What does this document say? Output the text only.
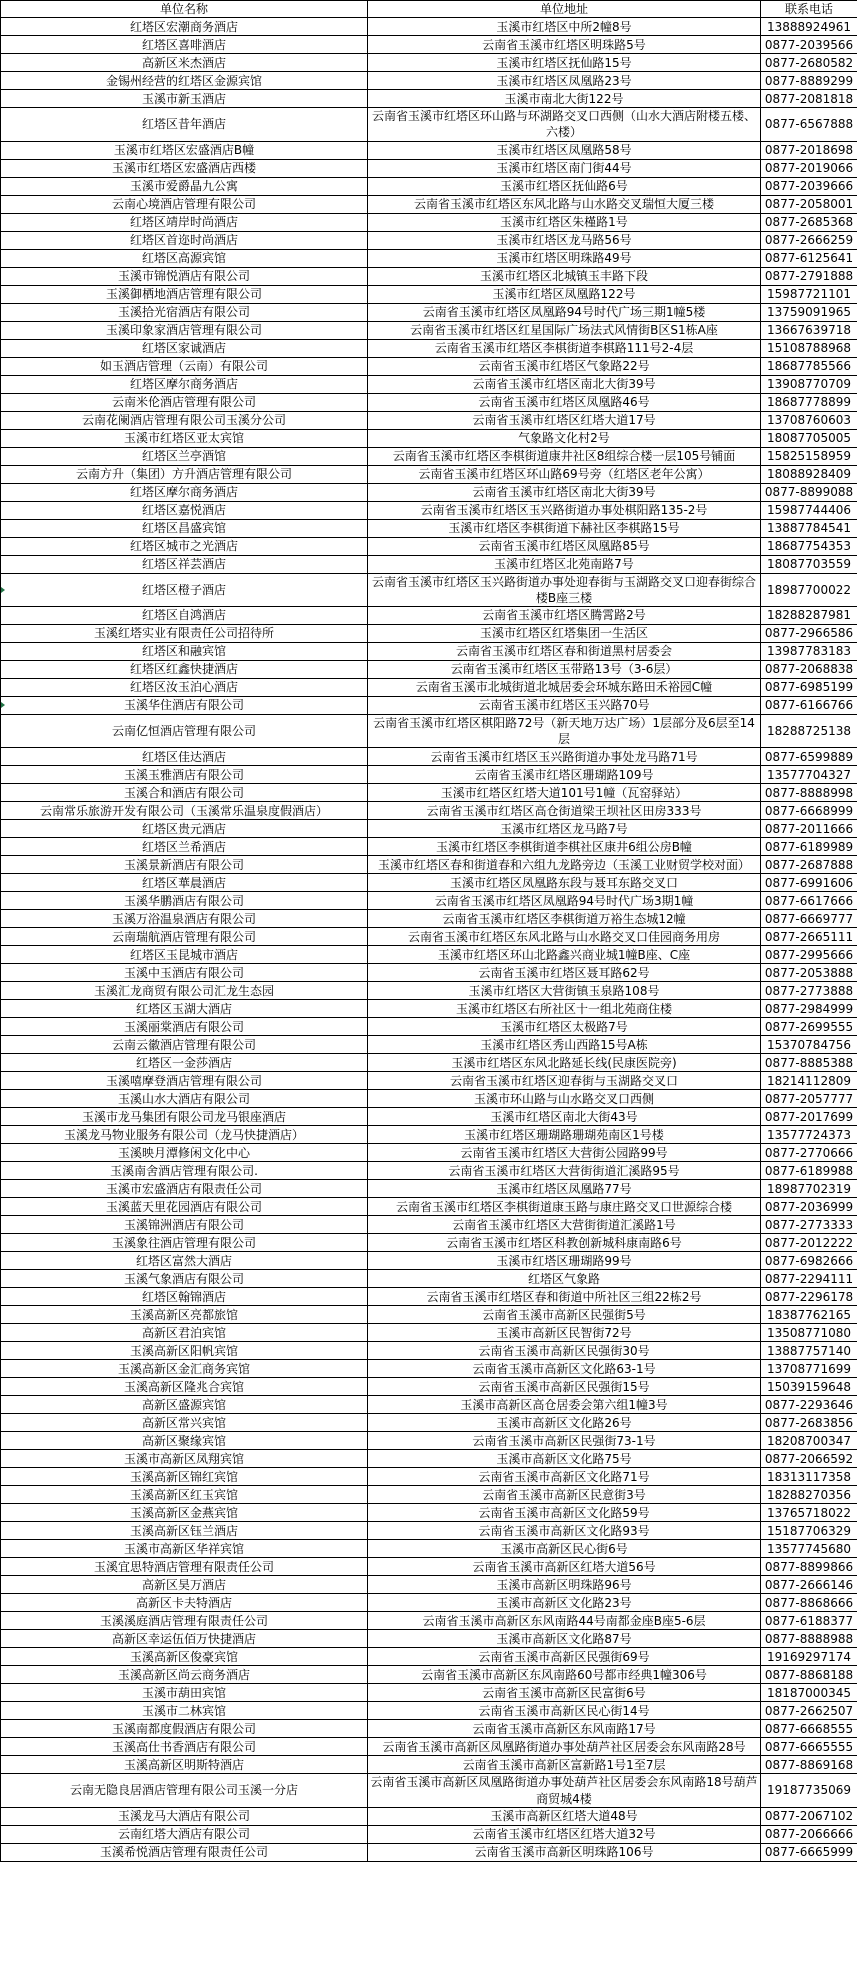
单位名称	单位地址	联系电话
红塔区宏潮商务酒店	玉溪市红塔区中所2幢8号	13888924961
红塔区喜啡酒店	云南省玉溪市红塔区明珠路5号	0877-2039566
高新区米杰酒店	玉溪市红塔区抚仙路15号	0877-2680582
金锡州经营的红塔区金源宾馆	玉溪市红塔区凤凰路23号	0877-8889299
玉溪市新玉酒店	玉溪市南北大街122号	0877-2081818
红塔区昔年酒店	云南省玉溪市红塔区环山路与环湖路交叉口西侧（山水大酒店附楼五楼、六楼）	0877-6567888
玉溪市红塔区宏盛酒店B幢	玉溪市红塔区凤凰路58号	0877-2018698
玉溪市红塔区宏盛酒店西楼	玉溪市红塔区南门街44号	0877-2019066
玉溪市爱爵晶九公寓	玉溪市红塔区抚仙路6号	0877-2039666
云南心境酒店管理有限公司	云南省玉溪市红塔区东风北路与山水路交叉瑞恒大厦三楼	0877-2058001
红塔区靖岸时尚酒店	玉溪市红塔区朱槿路1号	0877-2685368
红塔区首迩时尚酒店	玉溪市红塔区龙马路56号	0877-2666259
红塔区高源宾馆	玉溪市红塔区明珠路49号	0877-6125641
玉溪市锦悦酒店有限公司	玉溪市红塔区北城镇玉丰路下段	0877-2791888
玉溪御栖地酒店管理有限公司	玉溪市红塔区凤凰路122号	15987721101
玉溪拾光宿酒店有限公司	云南省玉溪市红塔区凤凰路94号时代广场三期1幢5楼	13759091965
玉溪印象家酒店管理有限公司	云南省玉溪市红塔区红星国际广场法式风情街B区S1栋A座	13667639718
红塔区家诚酒店	云南省玉溪市红塔区李棋街道李棋路111号2-4层	15108788968
如玉酒店管理（云南）有限公司	云南省玉溪市红塔区气象路22号	18687785566
红塔区摩尔商务酒店	云南省玉溪市红塔区南北大街39号	13908770709
云南米伦酒店管理有限公司	云南省玉溪市红塔区凤凰路46号	18687778899
云南花阑酒店管理有限公司玉溪分公司	云南省玉溪市红塔区红塔大道17号	13708760603
玉溪市红塔区亚太宾馆	气象路文化村2号	18087705005
红塔区兰亭酒馆	云南省玉溪市红塔区李棋街道康井社区8组综合楼一层105号铺面	15825158959
云南方升（集团）方升酒店管理有限公司	云南省玉溪市红塔区环山路69号旁（红塔区老年公寓）	18088928409
红塔区摩尔商务酒店	云南省玉溪市红塔区南北大街39号	0877-8899088
红塔区嘉悦酒店	云南省玉溪市红塔区玉兴路街道办事处棋阳路135-2号	15987744406
红塔区昌盛宾馆	玉溪市红塔区李棋街道下赫社区李棋路15号	13887784541
红塔区城市之光酒店	云南省玉溪市红塔区凤凰路85号	18687754353
红塔区祥芸酒店	玉溪市红塔区北苑南路7号	18087703559
红塔区橙子酒店	云南省玉溪市红塔区玉兴路街道办事处迎春街与玉湖路交叉口迎春街综合楼B座三楼	18987700022
红塔区自鸿酒店	云南省玉溪市红塔区腾霄路2号	18288287981
玉溪红塔实业有限责任公司招待所	玉溪市红塔区红塔集团一生活区	0877-2966586
红塔区和融宾馆	云南省玉溪市红塔区春和街道黑村居委会	13987783183
红塔区红鑫快捷酒店	云南省玉溪市红塔区玉带路13号（3-6层）	0877-2068838
红塔区汝玉泊心酒店	云南省玉溪市北城街道北城居委会环城东路田禾裕园C幢	0877-6985199
玉溪华住酒店有限公司	云南省玉溪市红塔区玉兴路70号	0877-6166766
云南亿恒酒店管理有限公司	云南省玉溪市红塔区棋阳路72号（新天地万达广场）1层部分及6层至14层	18288725138
红塔区佳达酒店	云南省玉溪市红塔区玉兴路街道办事处龙马路71号	0877-6599889
玉溪玉雅酒店有限公司	云南省玉溪市红塔区珊瑚路109号	13577704327
玉溪合和酒店有限公司	玉溪市红塔区红塔大道101号1幢（瓦窑驿站）	0877-8888998
云南常乐旅游开发有限公司（玉溪常乐温泉度假酒店）	云南省玉溪市红塔区高仓街道梁王坝社区田房333号	0877-6668999
红塔区贵元酒店	玉溪市红塔区龙马路7号	0877-2011666
红塔区兰希酒店	玉溪市红塔区李棋街道李棋社区康井6组公房B幢	0877-6189989
玉溪景新酒店有限公司	玉溪市红塔区春和街道春和六组九龙路旁边（玉溪工业财贸学校对面）	0877-2687888
红塔区華晨酒店	玉溪市红塔区凤凰路东段与聂耳东路交叉口	0877-6991606
玉溪华鹏酒店有限公司	云南省玉溪市红塔区凤凰路94号时代广场3期1幢	0877-6617666
玉溪万浴温泉酒店有限公司	云南省玉溪市红塔区李棋街道万裕生态城12幢	0877-6669777
云南瑞航酒店管理有限公司	云南省玉溪市红塔区东风北路与山水路交叉口佳园商务用房	0877-2665111
红塔区玉昆城市酒店	玉溪市红塔区环山北路鑫兴商业城1幢B座、C座	0877-2995666
玉溪中玉酒店有限公司	云南省玉溪市红塔区聂耳路62号	0877-2053888
玉溪汇龙商贸有限公司汇龙生态园	玉溪市红塔区大营街镇玉泉路108号	0877-2773888
红塔区玉湖大酒店	玉溪市红塔区右所社区十一组北苑商住楼	0877-2984999
玉溪丽棠酒店有限公司	玉溪市红塔区太极路7号	0877-2699555
云南云徽酒店管理有限公司	玉溪市红塔区秀山西路15号A栋	15370784756
红塔区一金莎酒店	玉溪市红塔区东风北路延长线(民康医院旁)	0877-8885388
玉溪嘻摩登酒店管理有限公司	云南省玉溪市红塔区迎春街与玉湖路交叉口	18214112809
玉溪山水大酒店有限公司	玉溪市环山路与山水路交叉口西侧	0877-2057777
玉溪市龙马集团有限公司龙马银座酒店	玉溪市红塔区南北大街43号	0877-2017699
玉溪龙马物业服务有限公司（龙马快捷酒店）	玉溪市红塔区珊瑚路珊瑚苑南区1号楼	13577724373
玉溪映月潭修闲文化中心	云南省玉溪市红塔区大营街公园路99号	0877-2770666
玉溪南舍酒店管理有限公司.	云南省玉溪市红塔区大营街街道汇溪路95号	0877-6189988
玉溪市宏盛酒店有限责任公司	玉溪市红塔区凤凰路77号	18987702319
玉溪蓝天里花园酒店有限公司	云南省玉溪市红塔区李棋街道康玉路与康庄路交叉口世源综合楼	0877-2036999
玉溪锦洲酒店有限公司	云南省玉溪市红塔区大营街街道汇溪路1号	0877-2773333
玉溪象往酒店管理有限公司	云南省玉溪市红塔区科教创新城科康南路6号	0877-2012222
红塔区富然大酒店	玉溪市红塔区珊瑚路99号	0877-6982666
玉溪气象酒店有限公司	红塔区气象路	0877-2294111
红塔区翰锦酒店	云南省玉溪市红塔区春和街道中所社区三组22栋2号	0877-2296178
玉溪高新区亮都旅馆	云南省玉溪市高新区民强街5号	18387762165
高新区君泊宾馆	玉溪市高新区民智街72号	13508771080
玉溪高新区阳帆宾馆	云南省玉溪市高新区民强街30号	13887757140
玉溪高新区金汇商务宾馆	云南省玉溪市高新区文化路63-1号	13708771699
玉溪高新区隆兆合宾馆	云南省玉溪市高新区民强街15号	15039159648
高新区盛源宾馆	玉溪市高新区高仓居委会第六组1幢3号	0877-2293646
高新区常兴宾馆	玉溪市高新区文化路26号	0877-2683856
高新区聚缘宾馆	云南省玉溪市高新区民强街73-1号	18208700347
玉溪市高新区凤翔宾馆	玉溪市高新区文化路75号	0877-2066592
玉溪高新区锦红宾馆	云南省玉溪市高新区文化路71号	18313117358
玉溪高新区红玉宾馆	云南省玉溪市高新区民意街3号	18288270356
玉溪高新区金燕宾馆	云南省玉溪市高新区文化路59号	13765718022
玉溪高新区钰兰酒店	云南省玉溪市高新区文化路93号	15187706329
玉溪市高新区华祥宾馆	玉溪市高新区民心街6号	13577745680
玉溪宜思特酒店管理有限责任公司	云南省玉溪市高新区红塔大道56号	0877-8899866
高新区昊万酒店	玉溪市高新区明珠路96号	0877-2666146
高新区卡夫特酒店	玉溪市高新区文化路23号	0877-8868666
玉溪溪庭酒店管理有限责任公司	云南省玉溪市高新区东风南路44号南都金座B座5-6层	0877-6188377
高新区幸运伍佰万快捷酒店	玉溪市高新区文化路87号	0877-8888988
玉溪高新区俊豪宾馆	云南省玉溪市高新区民强街69号	19169297174
玉溪高新区尚云商务酒店	云南省玉溪市高新区东风南路60号都市经典1幢306号	0877-8868188
玉溪市葫田宾馆	云南省玉溪市高新区民富街6号	18187000345
玉溪市二林宾馆	云南省玉溪市高新区民心街14号	0877-2662507
玉溪南都度假酒店有限公司	云南省玉溪市高新区东风南路17号	0877-6668555
玉溪高仕书香酒店有限公司	云南省玉溪市高新区凤凰路街道办事处葫芦社区居委会东风南路28号	0877-6665555
玉溪高新区明斯特酒店	云南省玉溪市高新区富新路1号1至7层	0877-8869168
云南无隐良居酒店管理有限公司玉溪一分店	云南省玉溪市高新区凤凰路街道办事处葫芦社区居委会东风南路18号葫芦商贸城4楼	19187735069
玉溪龙马大酒店有限公司	玉溪市高新区红塔大道48号	0877-2067102
云南红塔大酒店有限公司	云南省玉溪市红塔区红塔大道32号	0877-2066666
玉溪希悦酒店管理有限责任公司	云南省玉溪市高新区明珠路106号	0877-6665999
